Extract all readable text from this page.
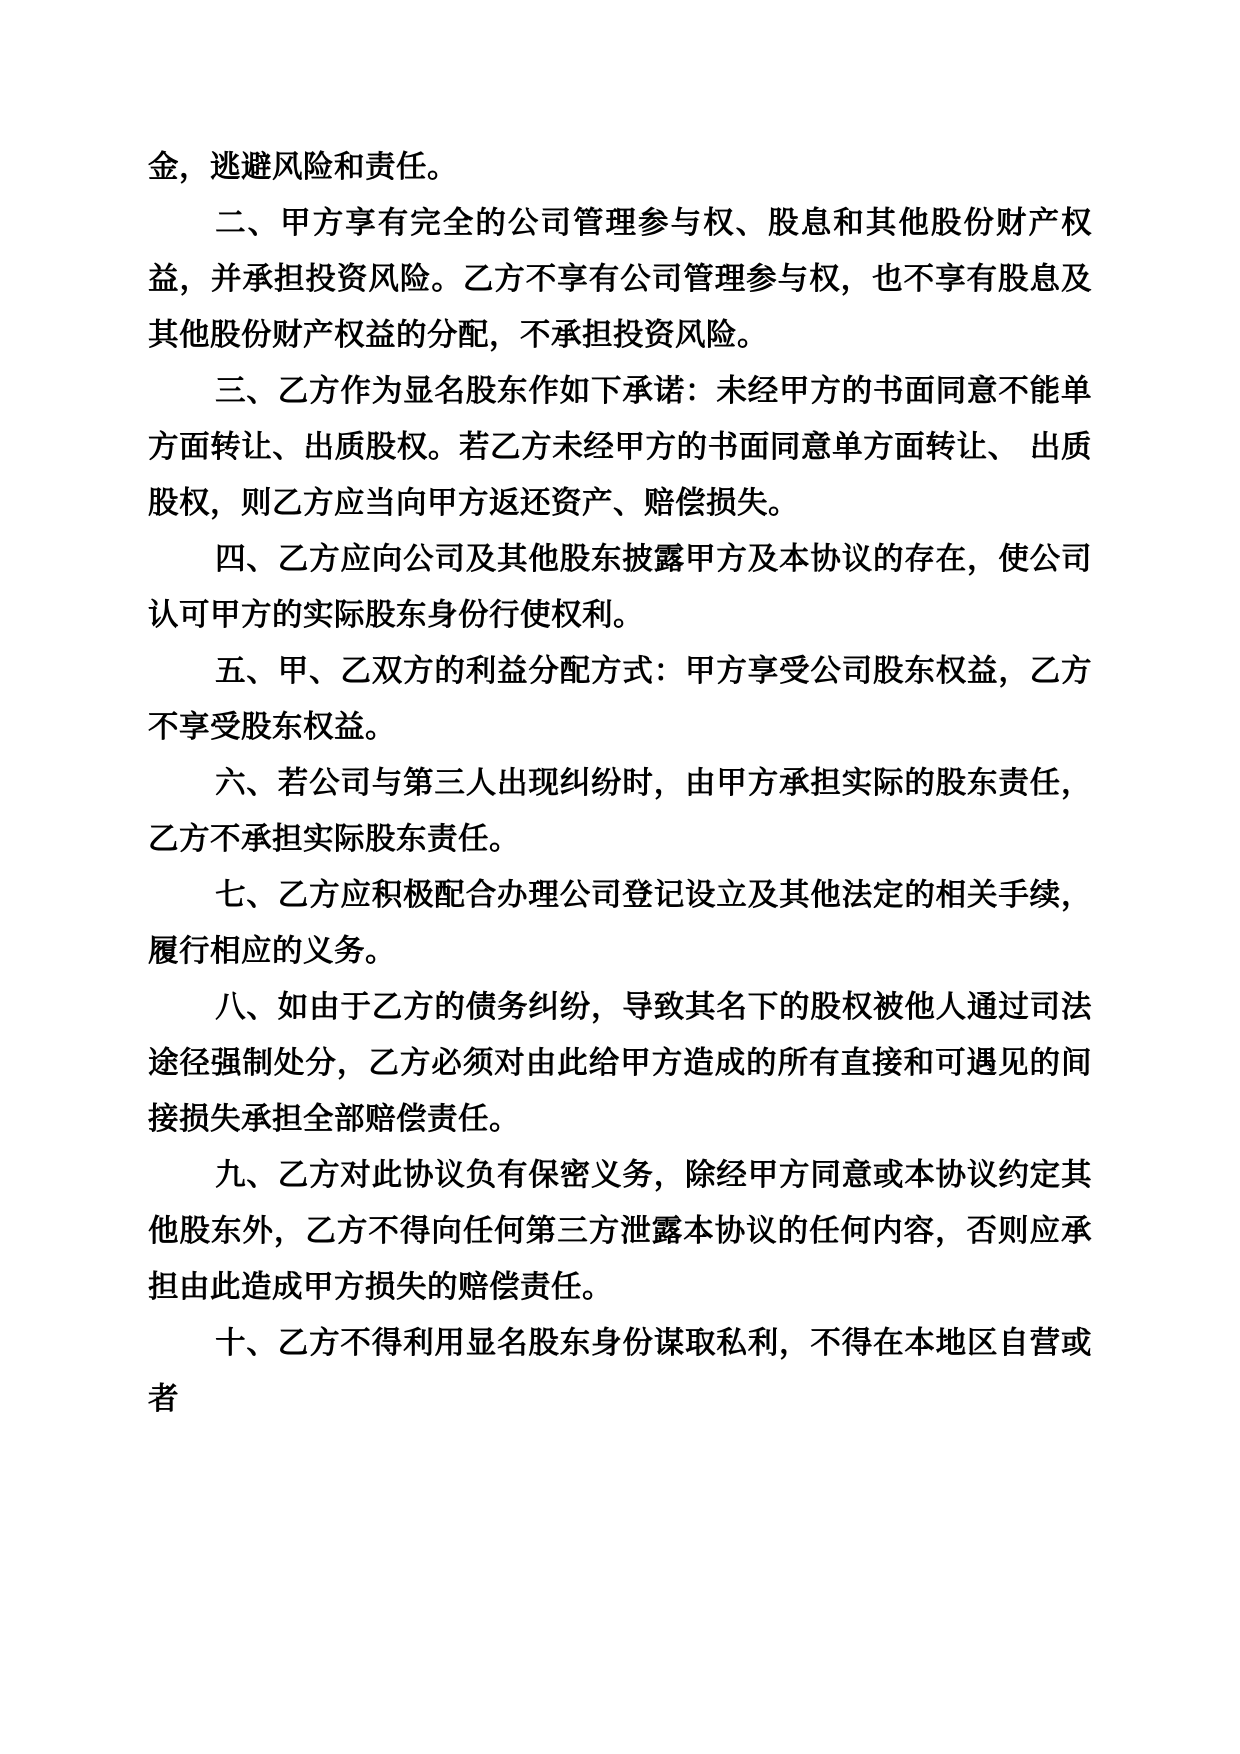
金，逃避风险和责任。

二、甲方享有完全的公司管理参与权、股息和其他股份财产权益，并承担投资风险。乙方不享有公司管理参与权，也不享有股息及其他股份财产权益的分配，不承担投资风险。

三、乙方作为显名股东作如下承诺：未经甲方的书面同意不能单方面转让、出质股权。若乙方未经甲方的书面同意单方面转让、 出质股权，则乙方应当向甲方返还资产、赔偿损失。

四、乙方应向公司及其他股东披露甲方及本协议的存在，使公司认可甲方的实际股东身份行使权利。

五、甲、乙双方的利益分配方式：甲方享受公司股东权益，乙方不享受股东权益。

六、若公司与第三人出现纠纷时，由甲方承担实际的股东责任，乙方不承担实际股东责任。

七、乙方应积极配合办理公司登记设立及其他法定的相关手续，履行相应的义务。

八、如由于乙方的债务纠纷，导致其名下的股权被他人通过司法途径强制处分，乙方必须对由此给甲方造成的所有直接和可遇见的间接损失承担全部赔偿责任。

九、乙方对此协议负有保密义务，除经甲方同意或本协议约定其他股东外，乙方不得向任何第三方泄露本协议的任何内容，否则应承担由此造成甲方损失的赔偿责任。

十、乙方不得利用显名股东身份谋取私利，不得在本地区自营或者
